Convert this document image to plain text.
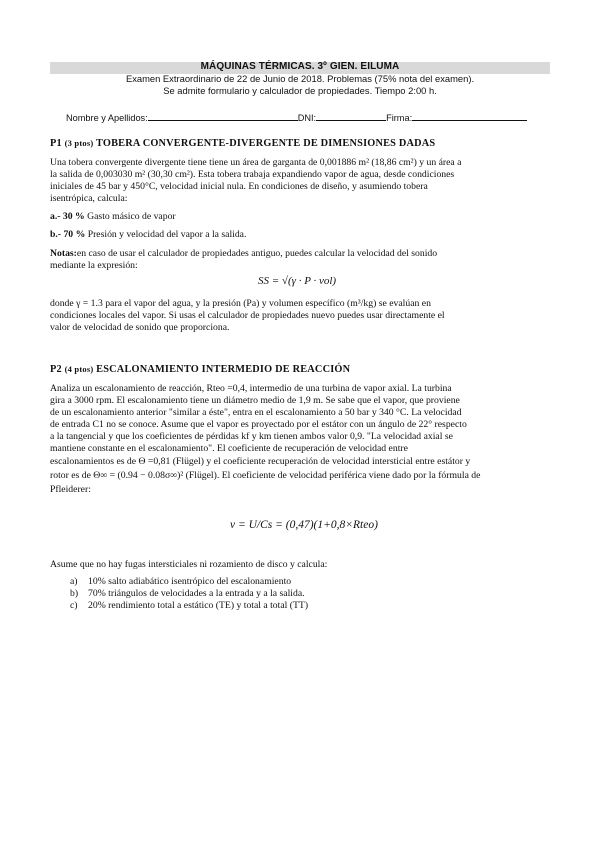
MÁQUINAS TÉRMICAS. 3º GIEN. EILUMA
Examen Extraordinario de 22 de Junio de 2018. Problemas (75% nota del examen).
Se admite formulario y calculador de propiedades. Tiempo 2:00 h.
Nombre y Apellidos:	DNI:	Firma:
P1 (3 ptos) TOBERA CONVERGENTE-DIVERGENTE DE DIMENSIONES DADAS
Una tobera convergente divergente tiene tiene un área de garganta de 0,001886 m² (18,86 cm²) y un área a
la salida de 0,003030 m² (30,30 cm²). Esta tobera trabaja expandiendo vapor de agua, desde condiciones
iniciales de 45 bar y 450°C, velocidad inicial nula. En condiciones de diseño, y asumiendo tobera
isentrópica, calcula:
a.- 30 % Gasto másico de vapor
b.- 70 % Presión y velocidad del vapor a la salida.
Notas:en caso de usar el calculador de propiedades antiguo, puedes calcular la velocidad del sonido
mediante la expresión:
SS = √(γ · P · vol)
donde γ = 1.3 para el vapor del agua, y la presión (Pa) y volumen específico (m³/kg) se evalúan en
condiciones locales del vapor. Si usas el calculador de propiedades nuevo puedes usar directamente el
valor de velocidad de sonido que proporciona.
P2 (4 ptos) ESCALONAMIENTO INTERMEDIO DE REACCIÓN
Analiza un escalonamiento de reacción, Rteo =0,4, intermedio de una turbina de vapor axial. La turbina
gira a 3000 rpm. El escalonamiento tiene un diámetro medio de 1,9 m. Se sabe que el vapor, que proviene
de un escalonamiento anterior "similar a éste", entra en el escalonamiento a 50 bar y 340 °C. La velocidad
de entrada C1 no se conoce. Asume que el vapor es proyectado por el estátor con un ángulo de 22° respecto
a la tangencial y que los coeficientes de pérdidas kf y km tienen ambos valor 0,9. "La velocidad axial se
mantiene constante en el escalonamiento". El coeficiente de recuperación de velocidad entre
escalonamientos es de Θ =0,81 (Flügel) y el coeficiente recuperación de velocidad intersticial entre estátor y
rotor es de Θ∞ = (0.94 − 0.08σ∞)² (Flügel). El coeficiente de velocidad periférica viene dado por la fórmula de
Pfleiderer:
ν = U/Cs = (0,47)(1+0,8×Rteo)
Asume que no hay fugas intersticiales ni rozamiento de disco y calcula:
a) 10% salto adiabático isentrópico del escalonamiento
b) 70% triángulos de velocidades a la entrada y a la salida.
c) 20% rendimiento total a estático (TE) y total a total (TT)
